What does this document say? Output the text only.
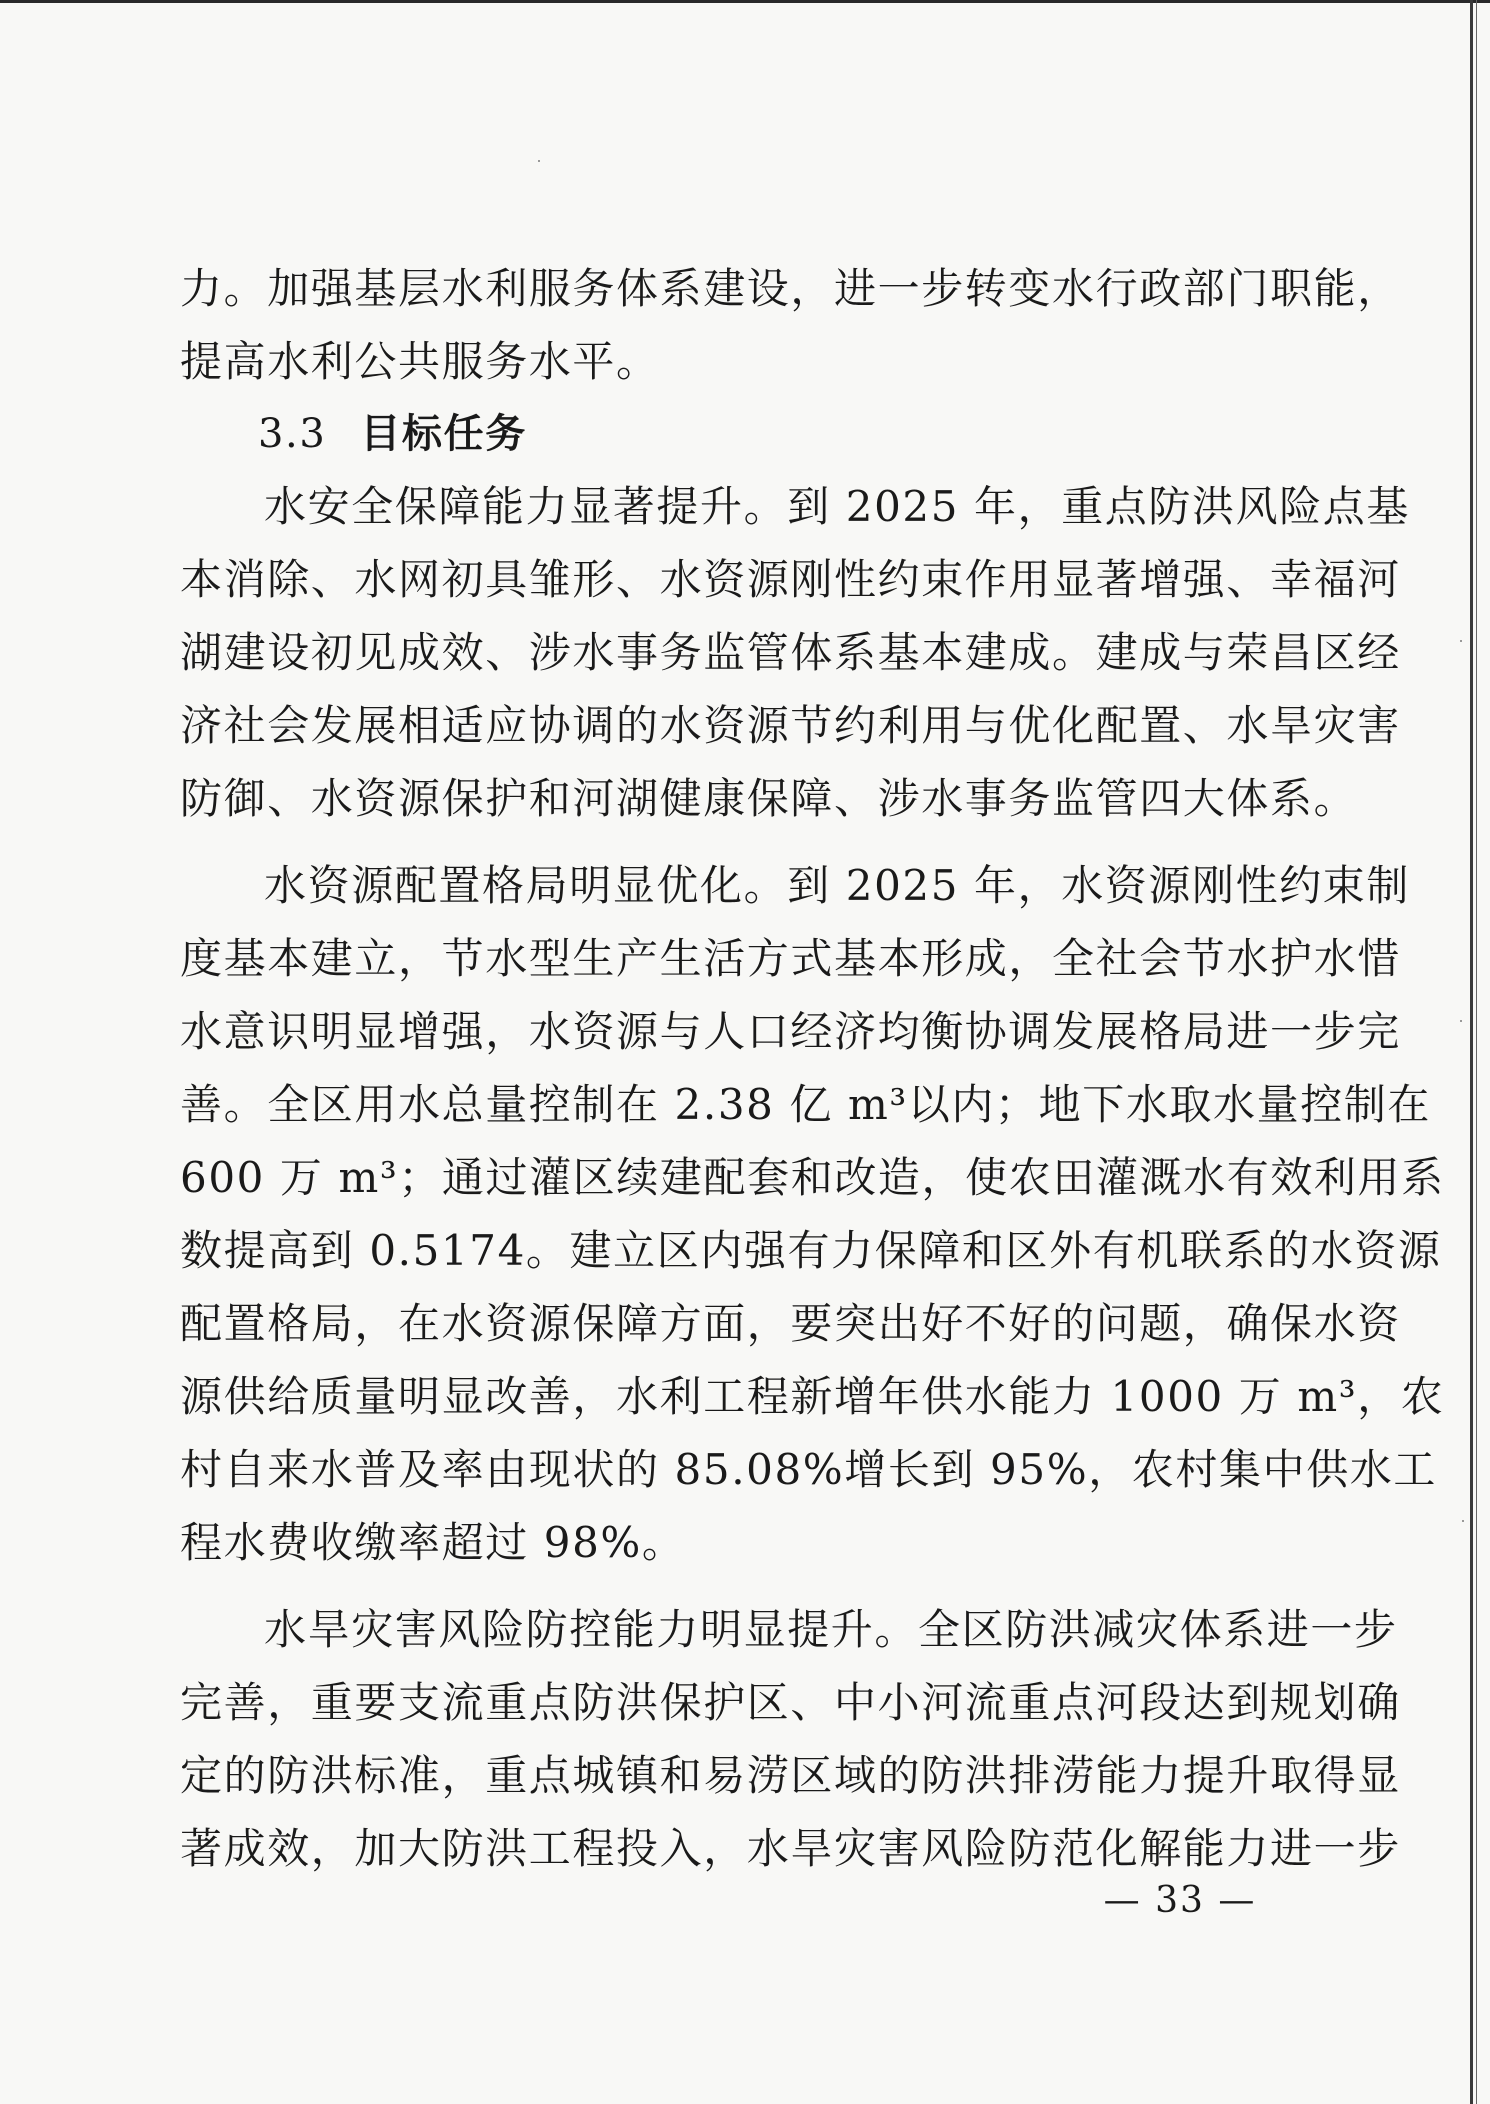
力。加强基层水利服务体系建设，进一步转变水行政部门职能，
提高水利公共服务水平。
3.3 目标任务
水安全保障能力显著提升。到 2025 年，重点防洪风险点基
本消除、水网初具雏形、水资源刚性约束作用显著增强、幸福河
湖建设初见成效、涉水事务监管体系基本建成。建成与荣昌区经
济社会发展相适应协调的水资源节约利用与优化配置、水旱灾害
防御、水资源保护和河湖健康保障、涉水事务监管四大体系。
水资源配置格局明显优化。到 2025 年，水资源刚性约束制
度基本建立，节水型生产生活方式基本形成，全社会节水护水惜
水意识明显增强，水资源与人口经济均衡协调发展格局进一步完
善。全区用水总量控制在 2.38 亿 m³以内；地下水取水量控制在
600 万 m³；通过灌区续建配套和改造，使农田灌溉水有效利用系
数提高到 0.5174。建立区内强有力保障和区外有机联系的水资源
配置格局，在水资源保障方面，要突出好不好的问题，确保水资
源供给质量明显改善，水利工程新增年供水能力 1000 万 m³，农
村自来水普及率由现状的 85.08%增长到 95%，农村集中供水工
程水费收缴率超过 98%。
水旱灾害风险防控能力明显提升。全区防洪减灾体系进一步
完善，重要支流重点防洪保护区、中小河流重点河段达到规划确
定的防洪标准，重点城镇和易涝区域的防洪排涝能力提升取得显
著成效，加大防洪工程投入，水旱灾害风险防范化解能力进一步
— 33 —
